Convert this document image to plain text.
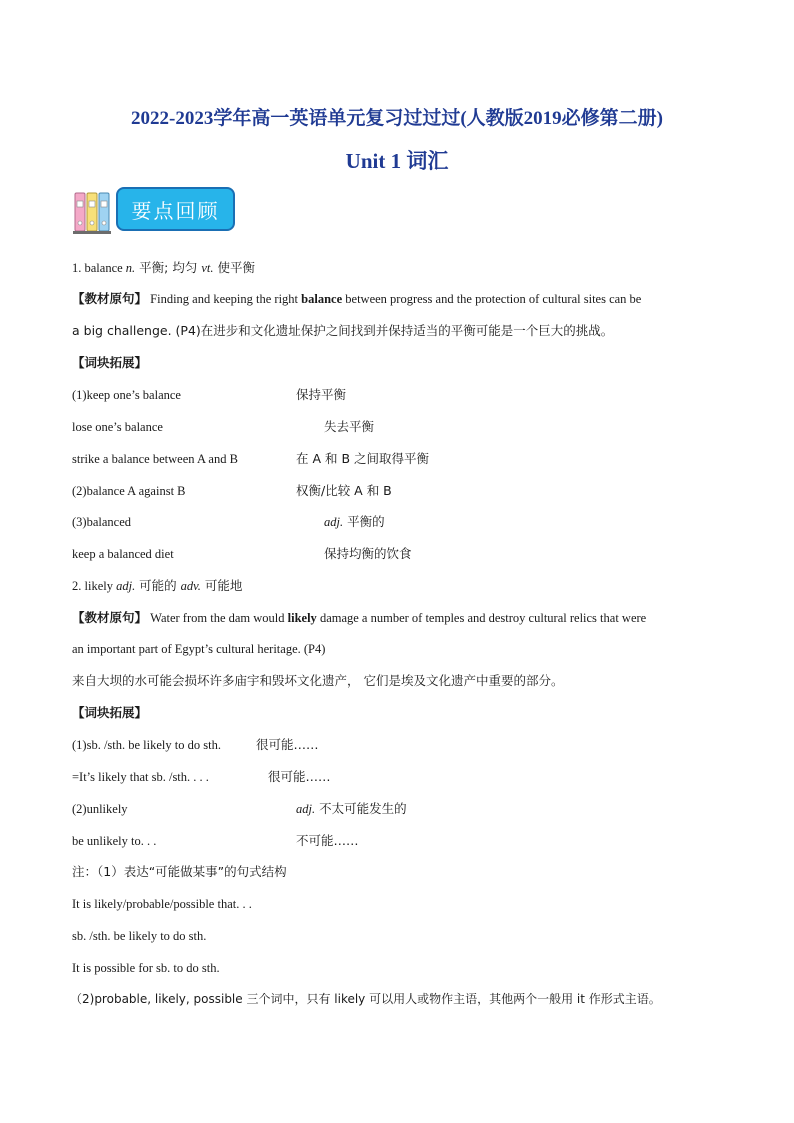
2022-2023学年高一英语单元复习过过过(人教版2019必修第二册)
Unit 1 词汇
要点回顾
1. balance n. 平衡; 均匀 vt. 使平衡
【教材原句】 Finding and keeping the right balance between progress and the protection of cultural sites can be
a big challenge. (P4)在进步和文化遗址保护之间找到并保持适当的平衡可能是一个巨大的挑战。
【词块拓展】
(1)keep one’s balance	保持平衡
lose one’s balance	失去平衡
strike a balance between A and B	在 A 和 B 之间取得平衡
(2)balance A against B	权衡/比较 A 和 B
(3)balanced	adj. 平衡的
keep a balanced diet	保持均衡的饮食
2. likely adj. 可能的 adv. 可能地
【教材原句】 Water from the dam would likely damage a number of temples and destroy cultural relics that were
an important part of Egypt’s cultural heritage. (P4)
来自大坝的水可能会损坏许多庙宇和毁坏文化遗产， 它们是埃及文化遗产中重要的部分。
【词块拓展】
(1)sb. /sth. be likely to do sth.	很可能……
=It’s likely that sb. /sth. . . .	很可能……
(2)unlikely	adj. 不太可能发生的
be unlikely to. . .	不可能……
注：（1）表达“可能做某事”的句式结构
It is likely/probable/possible that. . .
sb. /sth. be likely to do sth.
It is possible for sb. to do sth.
（2)probable, likely, possible 三个词中，只有 likely 可以用人或物作主语，其他两个一般用 it 作形式主语。
